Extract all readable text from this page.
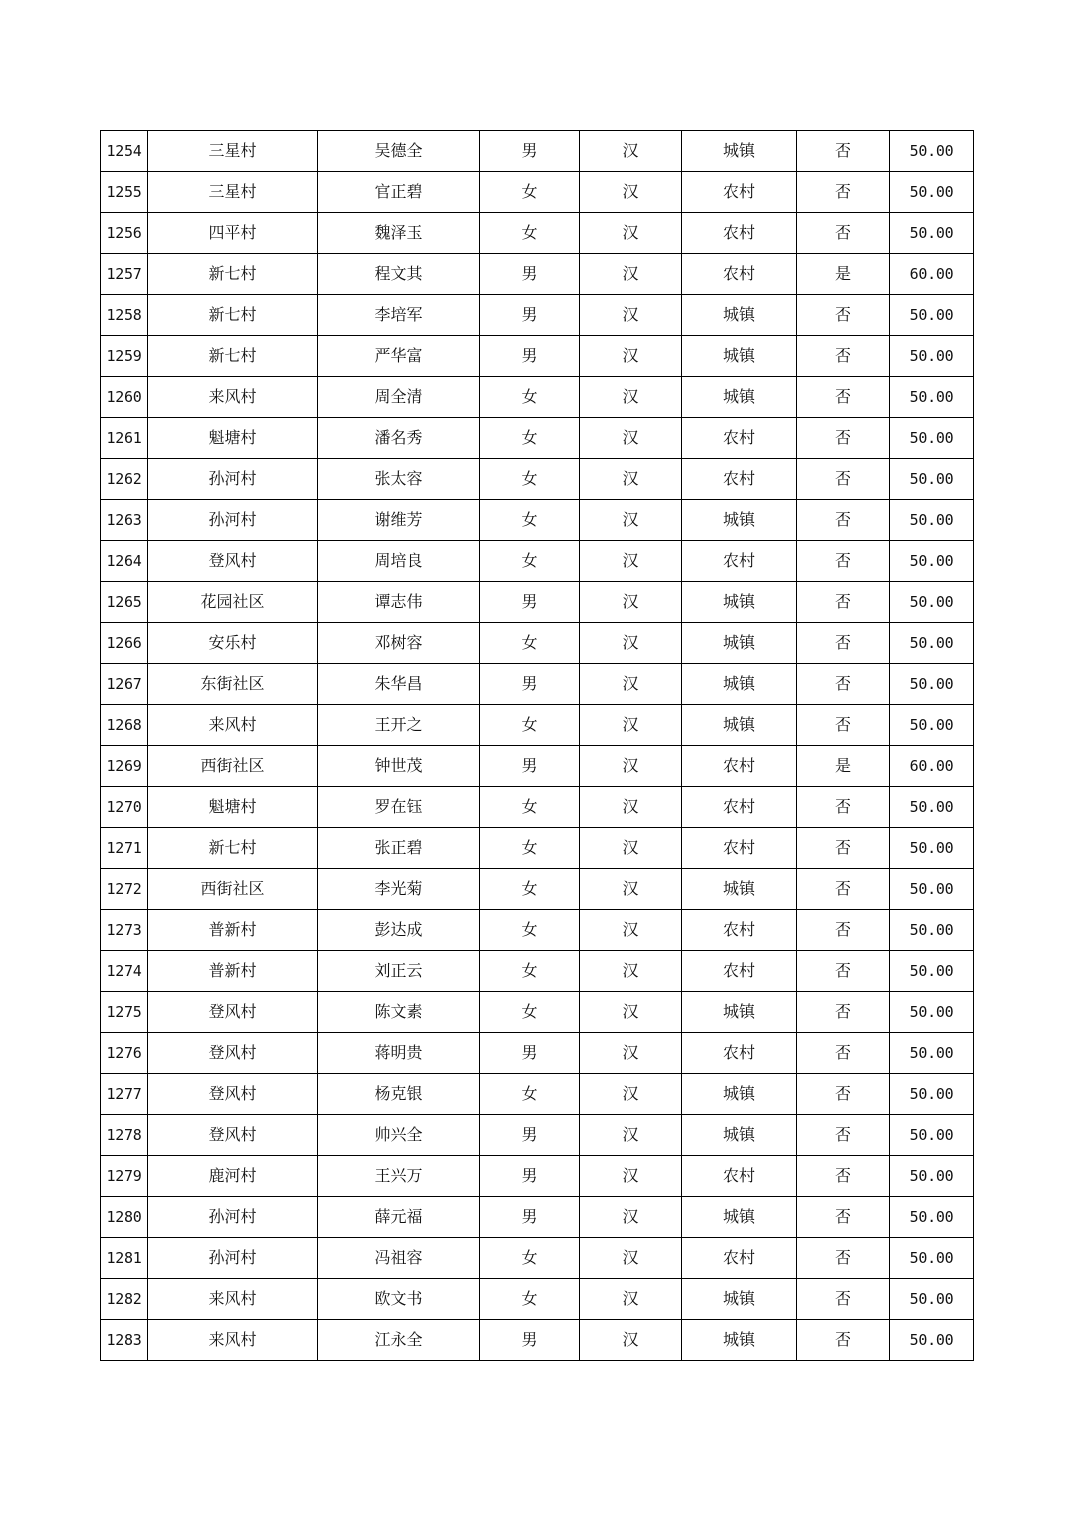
1254	三星村	吴德全	男	汉	城镇	否	50.00
1255	三星村	官正碧	女	汉	农村	否	50.00
1256	四平村	魏泽玉	女	汉	农村	否	50.00
1257	新七村	程文其	男	汉	农村	是	60.00
1258	新七村	李培军	男	汉	城镇	否	50.00
1259	新七村	严华富	男	汉	城镇	否	50.00
1260	来风村	周全清	女	汉	城镇	否	50.00
1261	魁塘村	潘名秀	女	汉	农村	否	50.00
1262	孙河村	张太容	女	汉	农村	否	50.00
1263	孙河村	谢维芳	女	汉	城镇	否	50.00
1264	登风村	周培良	女	汉	农村	否	50.00
1265	花园社区	谭志伟	男	汉	城镇	否	50.00
1266	安乐村	邓树容	女	汉	城镇	否	50.00
1267	东街社区	朱华昌	男	汉	城镇	否	50.00
1268	来风村	王开之	女	汉	城镇	否	50.00
1269	西街社区	钟世茂	男	汉	农村	是	60.00
1270	魁塘村	罗在钰	女	汉	农村	否	50.00
1271	新七村	张正碧	女	汉	农村	否	50.00
1272	西街社区	李光菊	女	汉	城镇	否	50.00
1273	普新村	彭达成	女	汉	农村	否	50.00
1274	普新村	刘正云	女	汉	农村	否	50.00
1275	登风村	陈文素	女	汉	城镇	否	50.00
1276	登风村	蒋明贵	男	汉	农村	否	50.00
1277	登风村	杨克银	女	汉	城镇	否	50.00
1278	登风村	帅兴全	男	汉	城镇	否	50.00
1279	鹿河村	王兴万	男	汉	农村	否	50.00
1280	孙河村	薛元福	男	汉	城镇	否	50.00
1281	孙河村	冯祖容	女	汉	农村	否	50.00
1282	来风村	欧文书	女	汉	城镇	否	50.00
1283	来风村	江永全	男	汉	城镇	否	50.00
